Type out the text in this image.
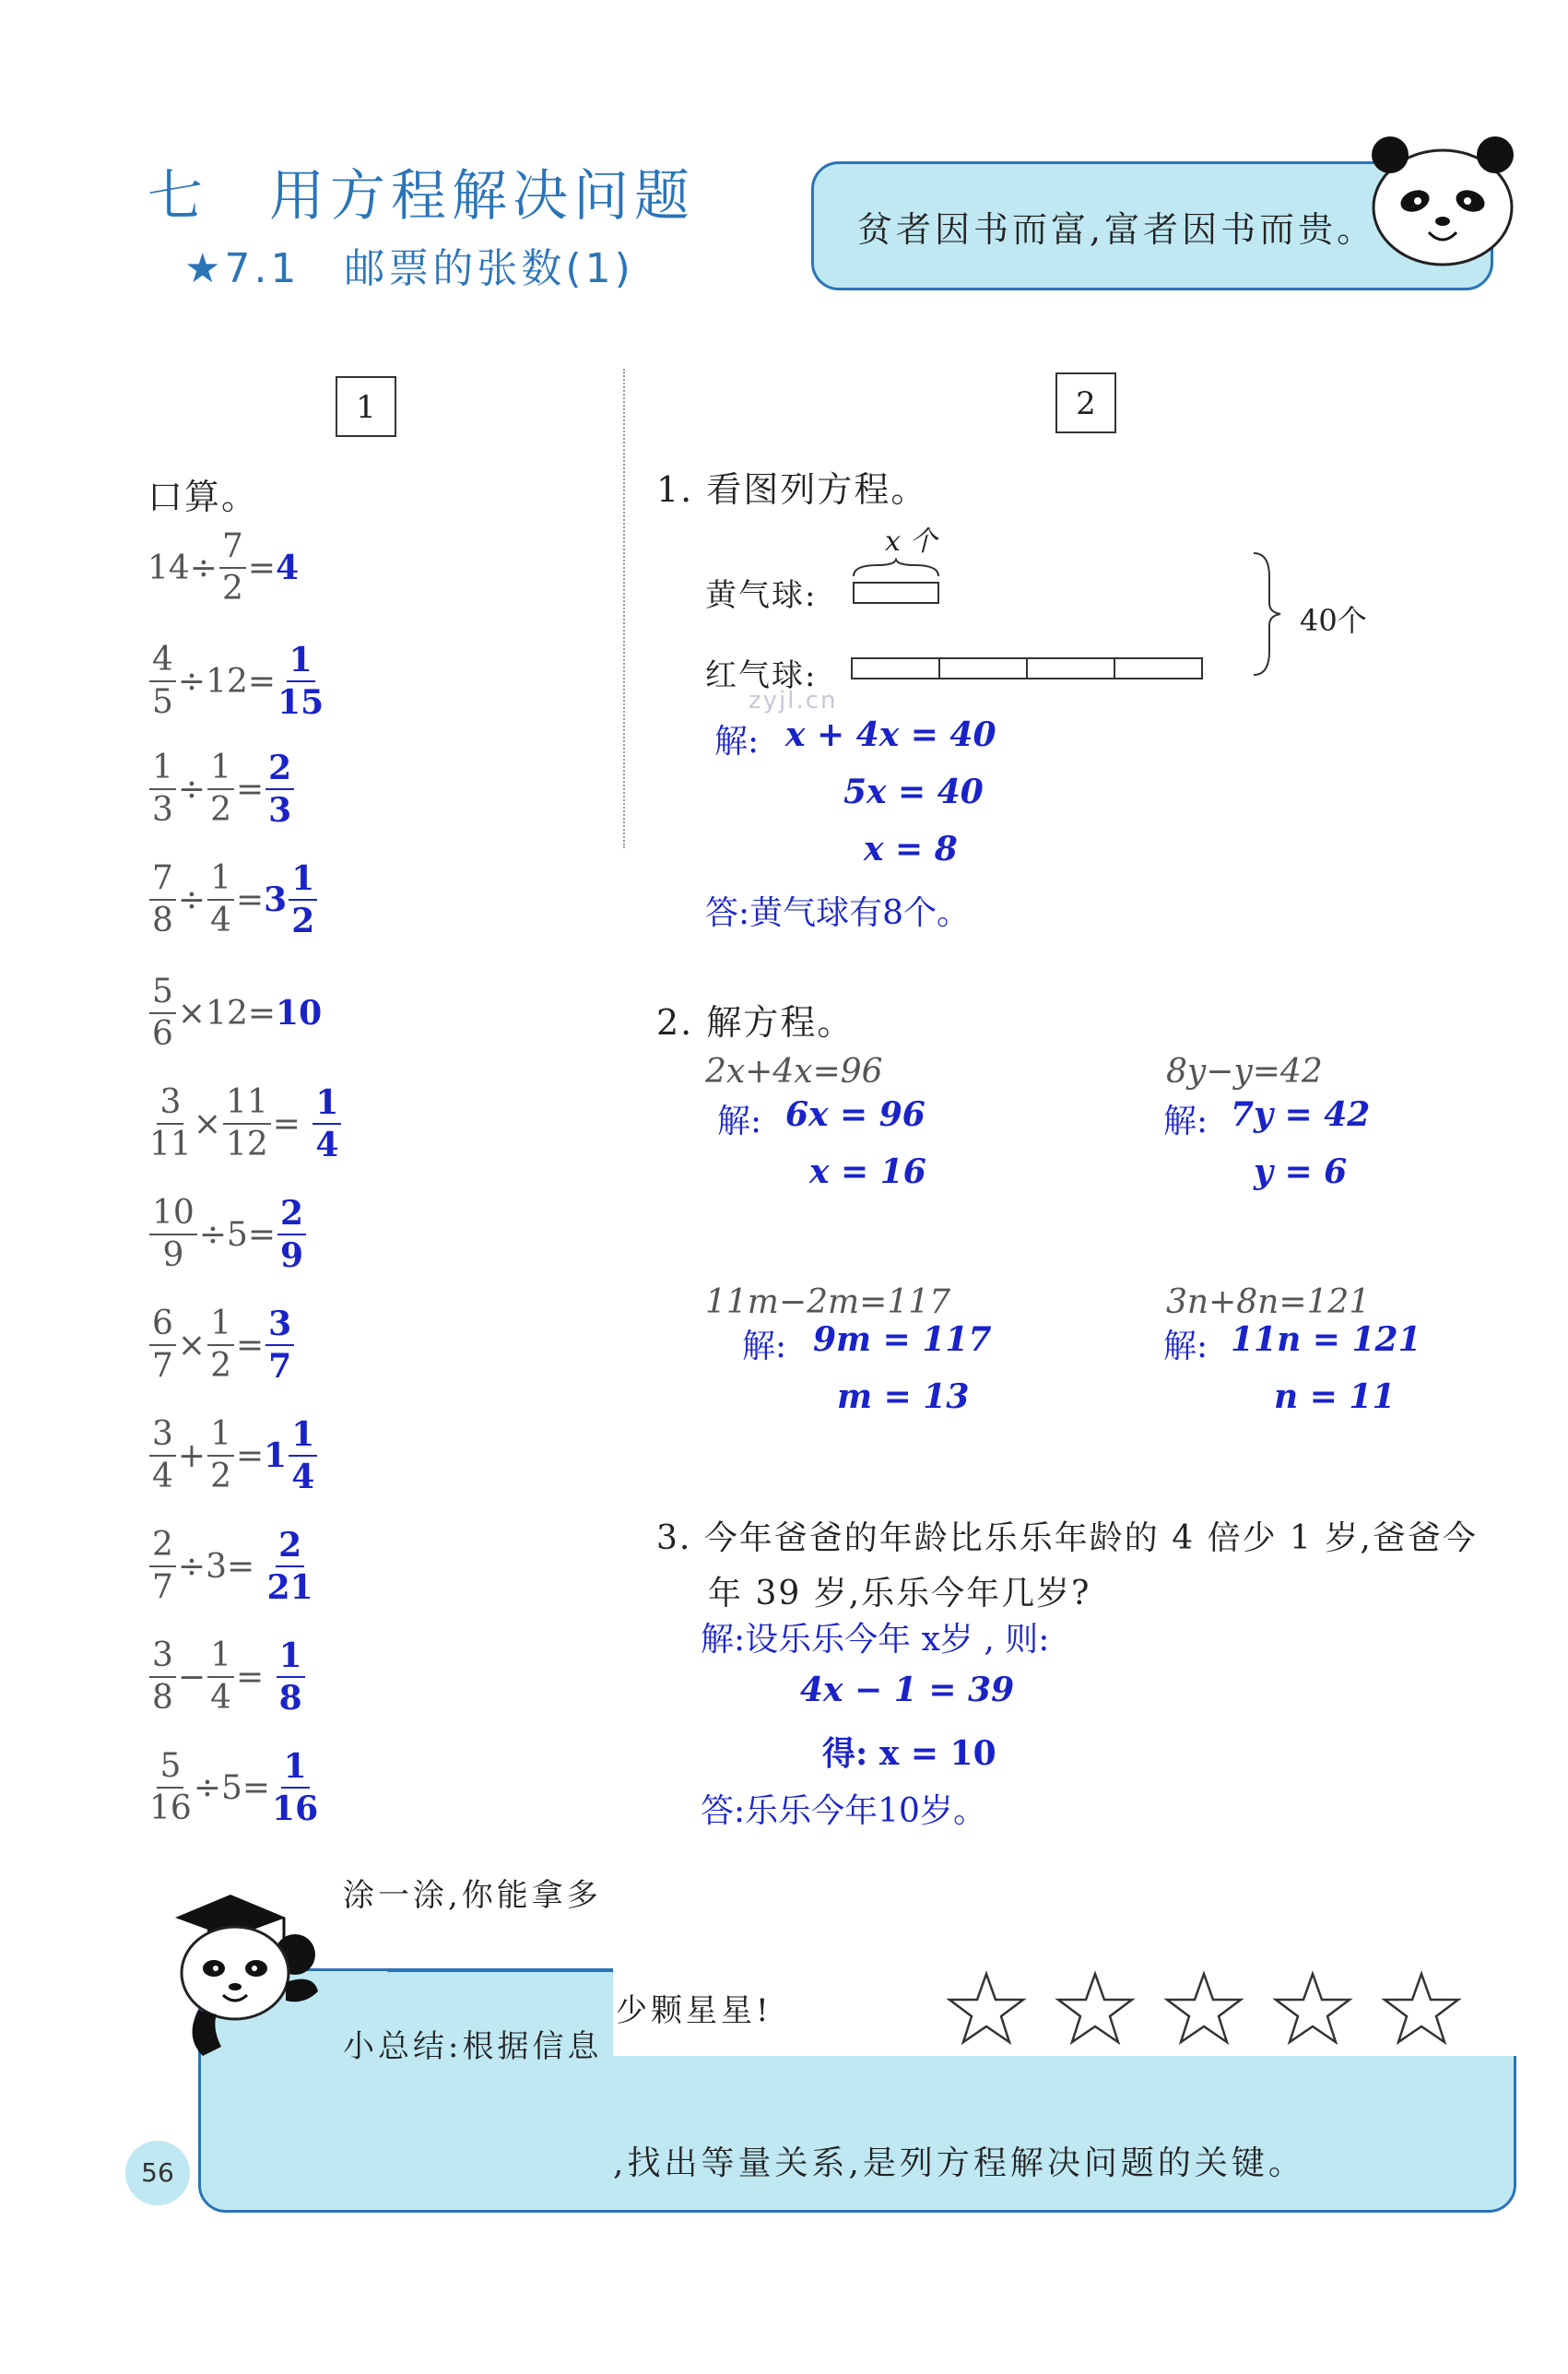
七　用方程解决问题
★7.1　邮票的张数(1)
贫者因书而富,富者因书而贵。
1	2
口算。
$14\div \frac{7}{2} = 4$
$\frac{4}{5} \div 12 = \frac{1}{15}$
$\frac{1}{3} \div \frac{1}{2} = \frac{2}{3}$
$\frac{7}{8} \div \frac{1}{4} = 3 \frac{1}{2}$
$\frac{5}{6} \times 12= 10$
$\frac{3}{11} \times \frac{11}{12}$ =
$\frac{1}{4}$
$\frac{10}{9} \div 5= \frac{2}{9}$
$\frac{6}{7} \times \frac{1}{2} = \frac{3}{7}$
$\frac{3}{4} + \frac{1}{2} = 1 \frac{1}{4}$
$\frac{2}{7} \div 3=$
$\frac{2}{21}$
$\frac{3}{8} - \frac{1}{4}$ =
$\frac{1}{8}$
$\frac{5}{16} \div 5= \frac{1}{16}$
1. 看图列方程。
x 个
黄气球:
红气球:
40个
zyjl.cn
解: x + 4x = 40
5x = 40
x = 8
答:黄气球有8个。
2. 解方程。
2x+4x=96
解: 6x = 96
x = 16
8y−y=42
解: 7y = 42
y = 6
11m−2m=117
解: 9m = 117
m = 13
3n+8n=121
解: 11n = 121
n = 11
3. 今年爸爸的年龄比乐乐年龄的 4 倍少 1 岁,爸爸今
年 39 岁,乐乐今年几岁?
解:设乐乐今年 x岁 , 则:
4x − 1 = 39
得: x = 10
答:乐乐今年10岁。
涂一涂,你能拿多
少颗星星!
小总结:根据信息
,找出等量关系,是列方程解决问题的关键。
56
